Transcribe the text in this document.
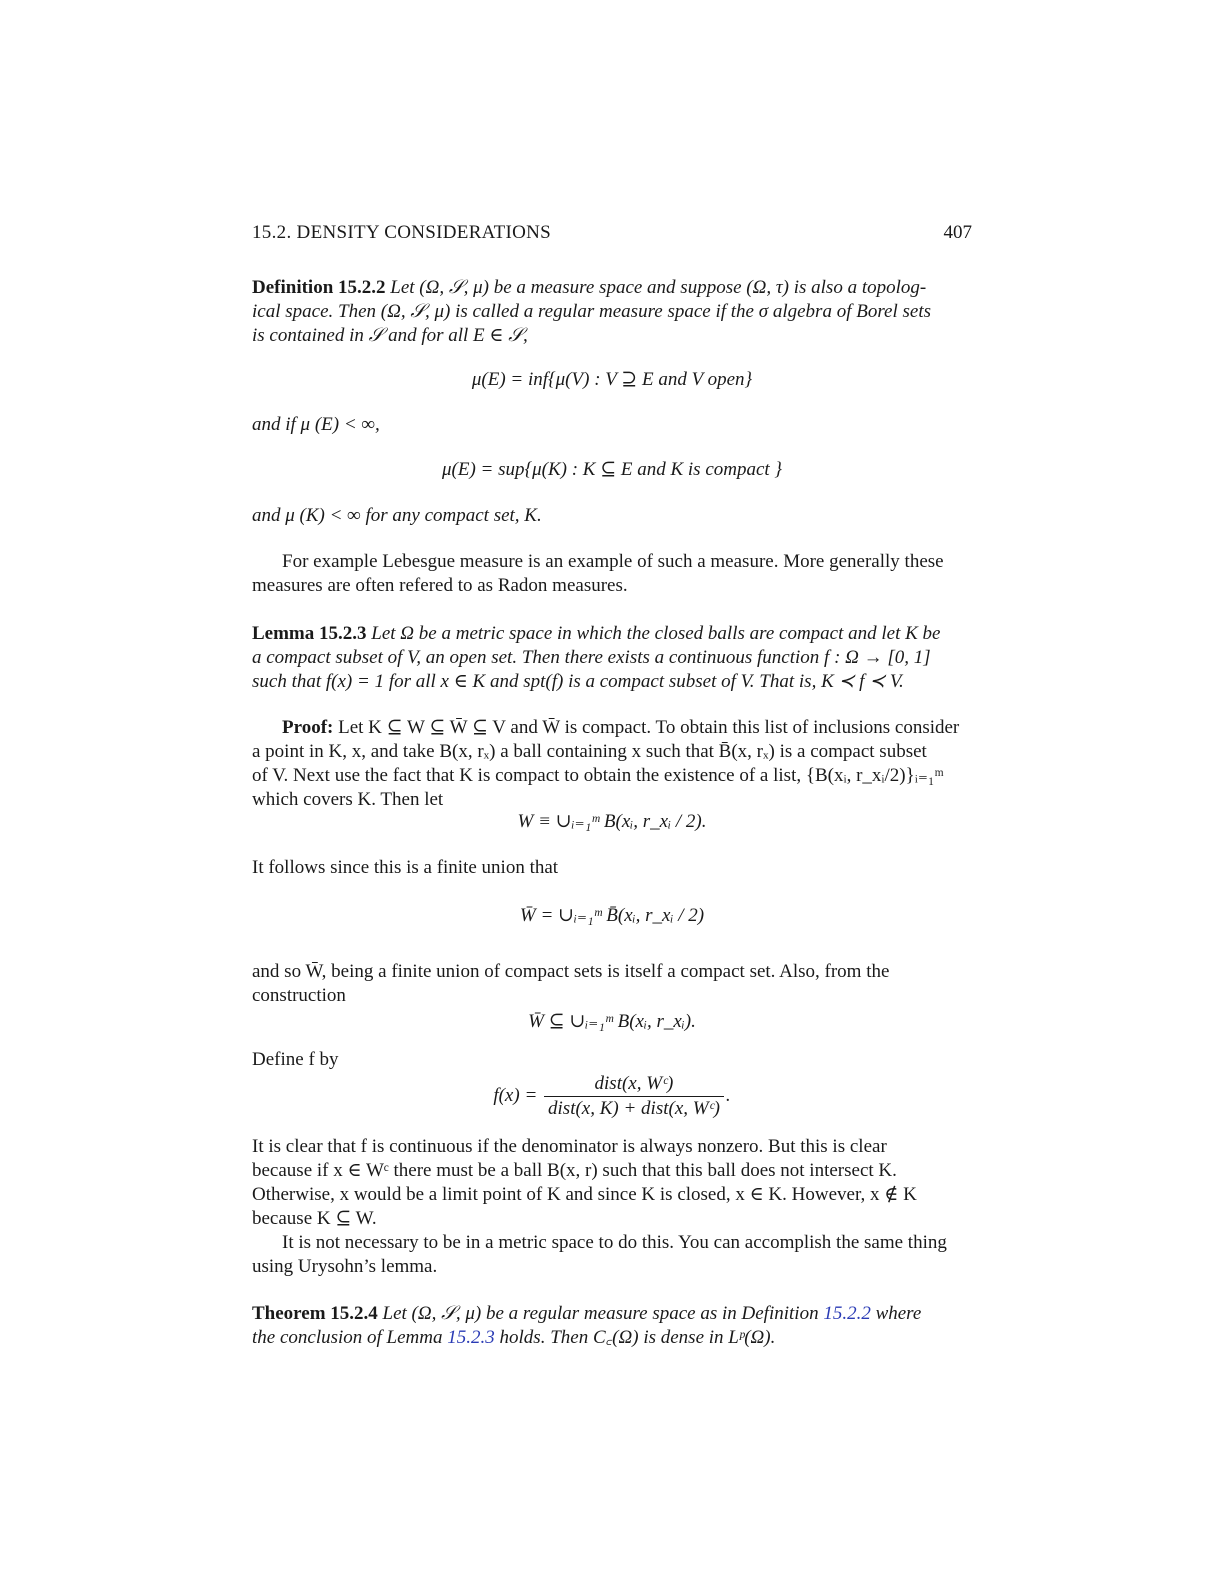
15.2. DENSITY CONSIDERATIONS	407
Definition 15.2.2 Let (Ω, 𝒮, μ) be a measure space and suppose (Ω, τ) is also a topolog-
ical space. Then (Ω, 𝒮, μ) is called a regular measure space if the σ algebra of Borel sets
is contained in 𝒮 and for all E ∈ 𝒮,
μ(E) = inf{μ(V) : V ⊇ E and V open}
and if μ (E) < ∞,
μ(E) = sup{μ(K) : K ⊆ E and K is compact }
and μ (K) < ∞ for any compact set, K.
For example Lebesgue measure is an example of such a measure. More generally these
measures are often refered to as Radon measures.
Lemma 15.2.3 Let Ω be a metric space in which the closed balls are compact and let K be
a compact subset of V, an open set. Then there exists a continuous function f : Ω → [0, 1]
such that f(x) = 1 for all x ∈ K and spt(f) is a compact subset of V. That is, K ≺ f ≺ V.
Proof: Let K ⊆ W ⊆ W̄ ⊆ V and W̄ is compact. To obtain this list of inclusions consider
a point in K, x, and take B(x, rₓ) a ball containing x such that B̄(x, rₓ) is a compact subset
of V. Next use the fact that K is compact to obtain the existence of a list, {B(xᵢ, r_xᵢ/2)}ᵢ₌₁ᵐ
which covers K. Then let
W ≡ ∪ᵢ₌₁ᵐ B(xᵢ, r_xᵢ / 2).
It follows since this is a finite union that
W̄ = ∪ᵢ₌₁ᵐ B̄(xᵢ, r_xᵢ / 2)
and so W̄, being a finite union of compact sets is itself a compact set. Also, from the
construction
W̄ ⊆ ∪ᵢ₌₁ᵐ B(xᵢ, r_xᵢ).
Define f by
$f(x) = \frac{\text{dist(x, Wᶜ)}}{\text{dist(x, K) + dist(x, Wᶜ)}}$ .
It is clear that f is continuous if the denominator is always nonzero. But this is clear
because if x ∈ Wᶜ there must be a ball B(x, r) such that this ball does not intersect K.
Otherwise, x would be a limit point of K and since K is closed, x ∈ K. However, x ∉ K
because K ⊆ W.
It is not necessary to be in a metric space to do this. You can accomplish the same thing
using Urysohn’s lemma.
Theorem 15.2.4 Let (Ω, 𝒮, μ) be a regular measure space as in Definition 15.2.2 where
the conclusion of Lemma 15.2.3 holds. Then C꜀(Ω) is dense in Lᵖ(Ω).
